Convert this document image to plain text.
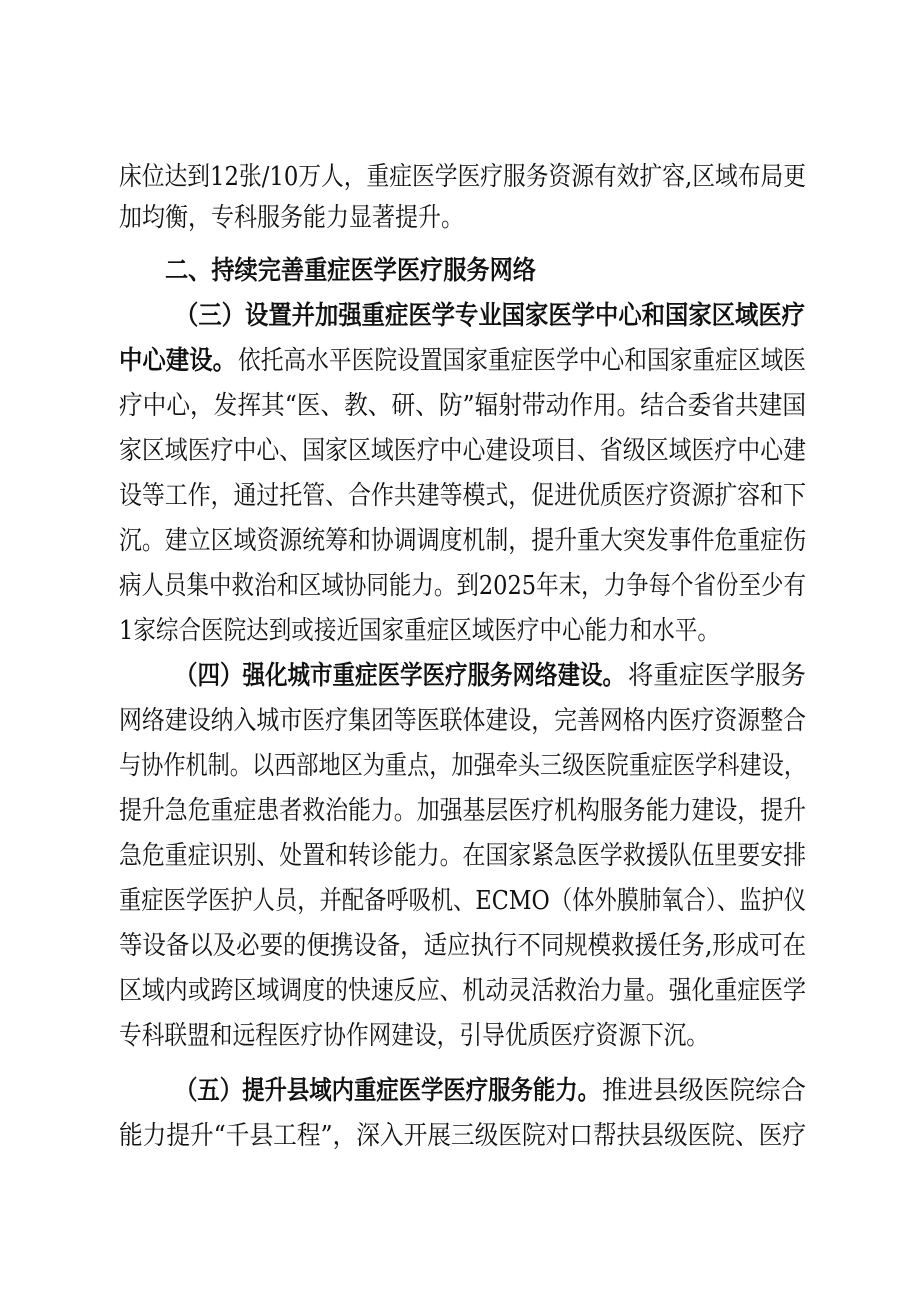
床位达到12张/10万人，重症医学医疗服务资源有效扩容,区域布局更
加均衡，专科服务能力显著提升。
二、持续完善重症医学医疗服务网络
（三）设置并加强重症医学专业国家医学中心和国家区域医疗
中心建设。 依托高水平医院设置国家重症医学中心和国家重症区域医
疗中心，发挥其“医、教、研、防”辐射带动作用。结合委省共建国
家区域医疗中心、国家区域医疗中心建设项目、省级区域医疗中心建
设等工作，通过托管、合作共建等模式，促进优质医疗资源扩容和下
沉。建立区域资源统筹和协调调度机制，提升重大突发事件危重症伤
病人员集中救治和区域协同能力。到2025年末，力争每个省份至少有
1家综合医院达到或接近国家重症区域医疗中心能力和水平。
（四）强化城市重症医学医疗服务网络建设。 将重症医学服务
网络建设纳入城市医疗集团等医联体建设，完善网格内医疗资源整合
与协作机制。以西部地区为重点，加强牵头三级医院重症医学科建设，
提升急危重症患者救治能力。加强基层医疗机构服务能力建设，提升
急危重症识别、处置和转诊能力。在国家紧急医学救援队伍里要安排
重症医学医护人员，并配备呼吸机、ECMO（体外膜肺氧合）、监护仪
等设备以及必要的便携设备，适应执行不同规模救援任务,形成可在
区域内或跨区域调度的快速反应、机动灵活救治力量。强化重症医学
专科联盟和远程医疗协作网建设，引导优质医疗资源下沉。
（五）提升县域内重症医学医疗服务能力。 推进县级医院综合
能力提升“千县工程”，深入开展三级医院对口帮扶县级医院、医疗
